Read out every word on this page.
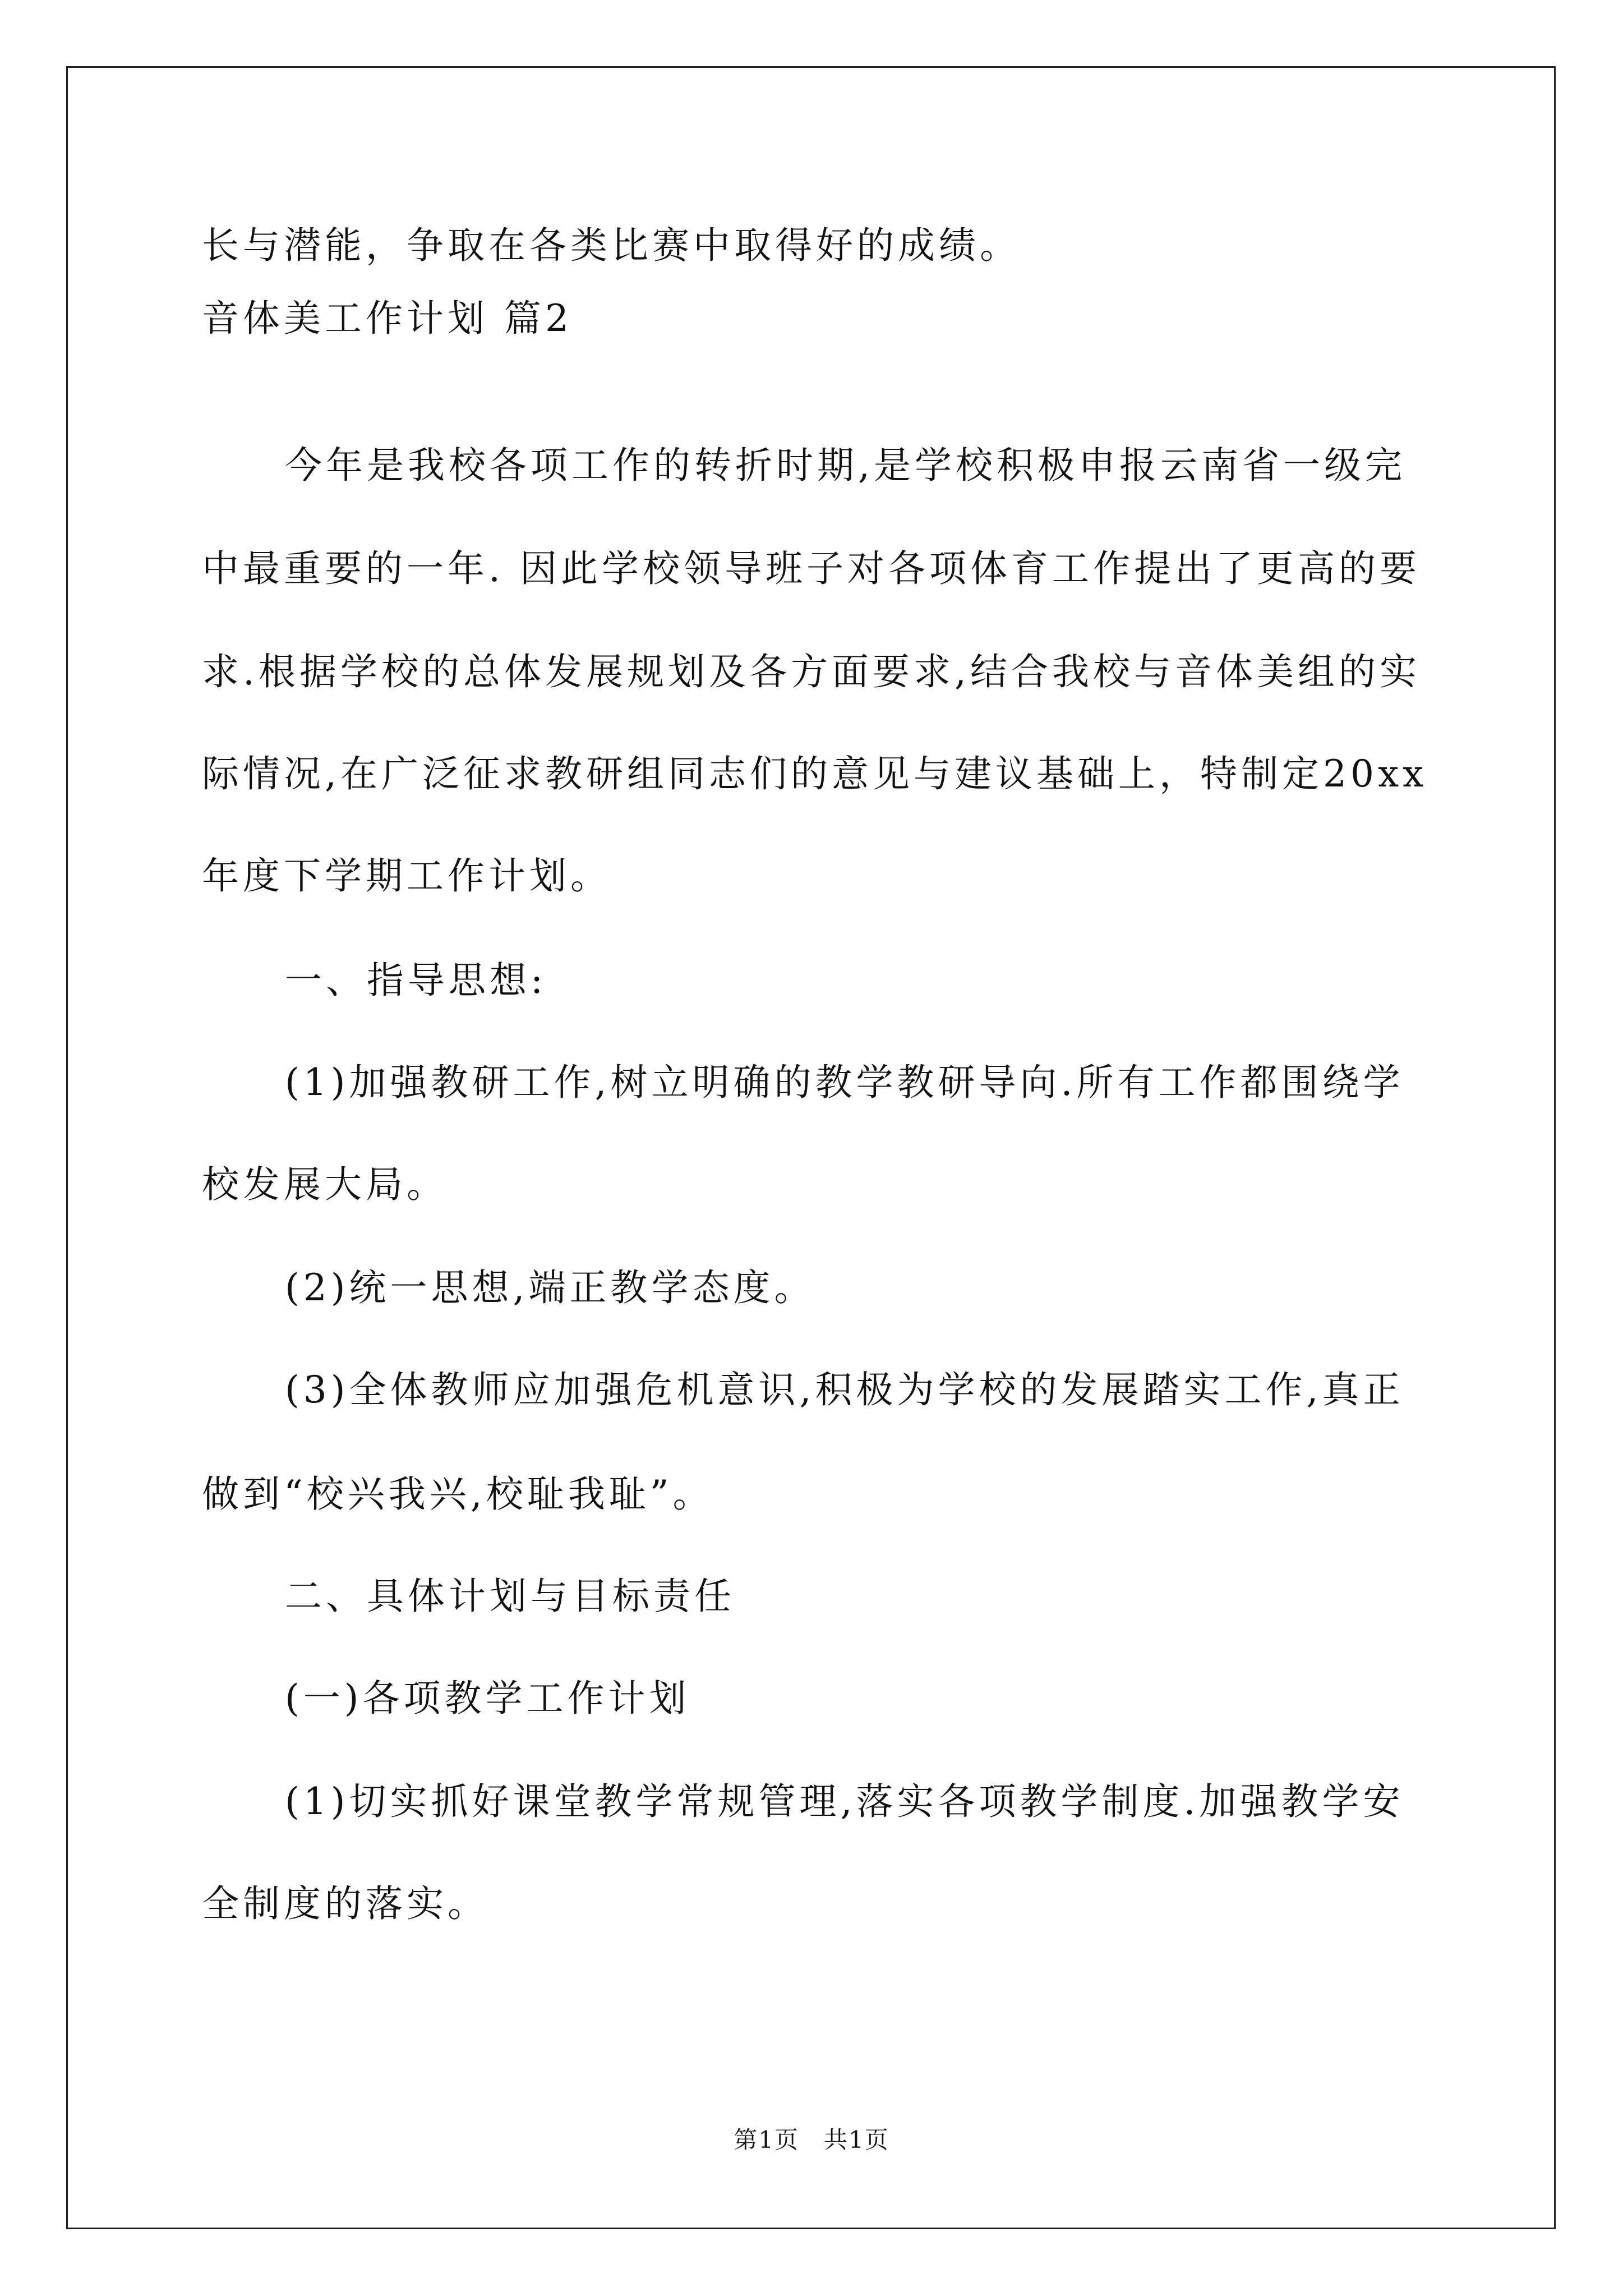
长与潜能，争取在各类比赛中取得好的成绩。
音体美工作计划 篇2
今年是我校各项工作的转折时期,是学校积极申报云南省一级完
中最重要的一年. 因此学校领导班子对各项体育工作提出了更高的要
求.根据学校的总体发展规划及各方面要求,结合我校与音体美组的实
际情况,在广泛征求教研组同志们的意见与建议基础上，特制定20xx
年度下学期工作计划。
一、指导思想:
(1)加强教研工作,树立明确的教学教研导向.所有工作都围绕学
校发展大局。
(2)统一思想,端正教学态度。
(3)全体教师应加强危机意识,积极为学校的发展踏实工作,真正
做到“校兴我兴,校耻我耻”。
二、具体计划与目标责任
(一)各项教学工作计划
(1)切实抓好课堂教学常规管理,落实各项教学制度.加强教学安
全制度的落实。
第1页 共1页
